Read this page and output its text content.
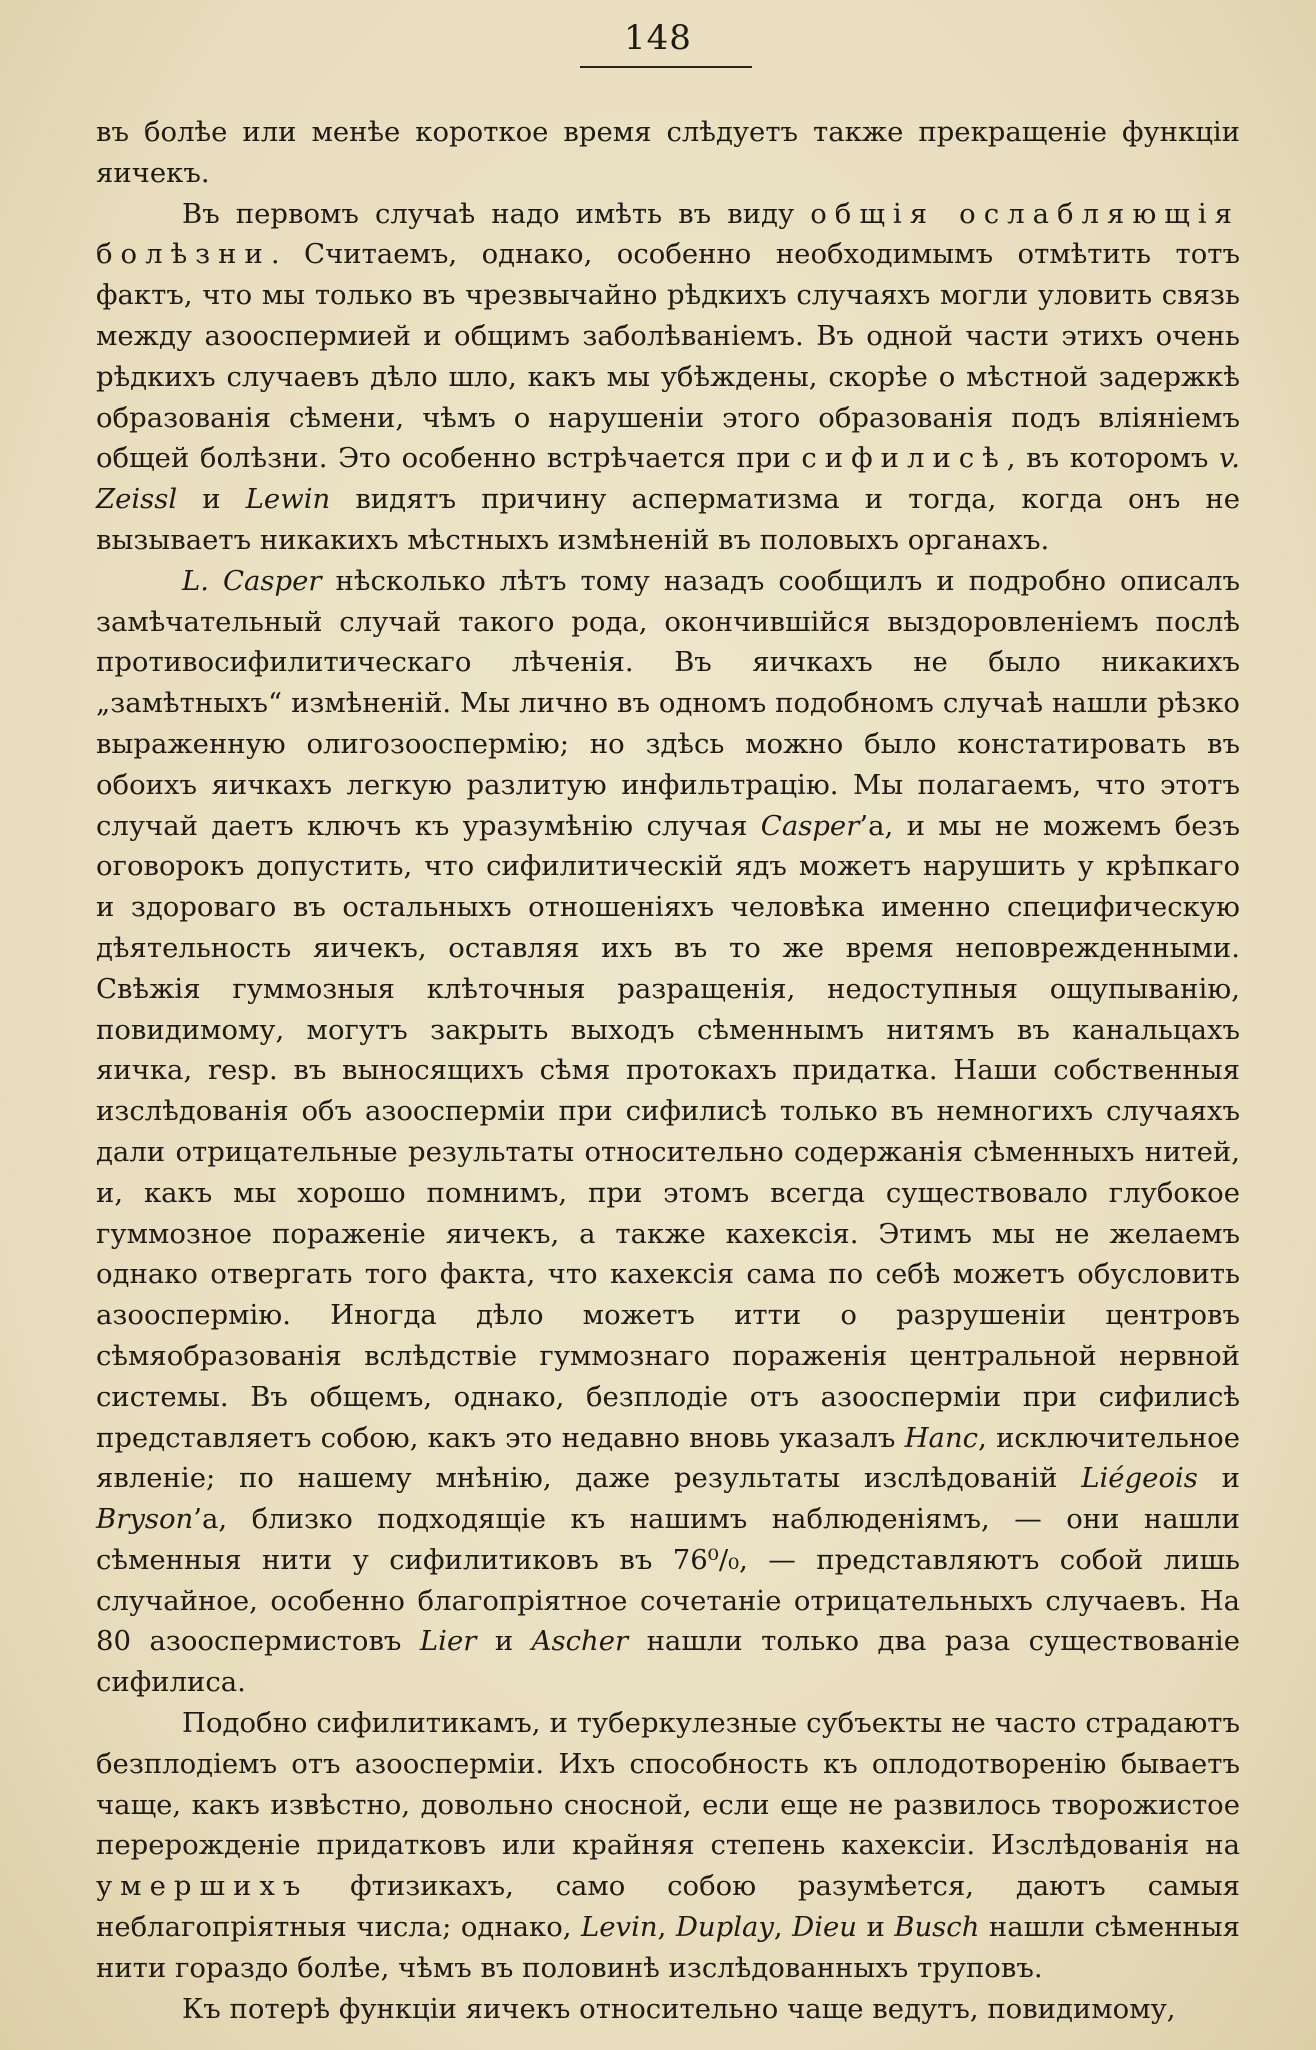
148

въ болѣе или менѣе короткое время слѣдуетъ также прекращеніе функціи яичекъ.

Въ первомъ случаѣ надо имѣть въ виду общія ослабляющія болѣзни. Считаемъ, однако, особенно необходимымъ отмѣтить тотъ фактъ, что мы только въ чрезвычайно рѣдкихъ случаяхъ могли уловить связь между азооспермией и общимъ заболѣваніемъ. Въ одной части этихъ очень рѣдкихъ случаевъ дѣло шло, какъ мы убѣждены, скорѣе о мѣстной задержкѣ образованія сѣмени, чѣмъ о нарушеніи этого образованія подъ вліяніемъ общей болѣзни. Это особенно встрѣчается при сифилисѣ, въ которомъ v. Zeissl и Lewin видятъ причину асперматизма и тогда, когда онъ не вызываетъ никакихъ мѣстныхъ измѣненій въ половыхъ органахъ.

L. Casper нѣсколько лѣтъ тому назадъ сообщилъ и подробно описалъ замѣчательный случай такого рода, окончившійся выздоровленіемъ послѣ противосифилитическаго лѣченія. Въ яичкахъ не было никакихъ „замѣтныхъ“ измѣненій. Мы лично въ одномъ подобномъ случаѣ нашли рѣзко выраженную олигозооспермію; но здѣсь можно было констатировать въ обоихъ яичкахъ легкую разлитую инфильтрацію. Мы полагаемъ, что этотъ случай даетъ ключъ къ уразумѣнію случая Casper’а, и мы не можемъ безъ оговорокъ допустить, что сифилитическій ядъ можетъ нарушить у крѣпкаго и здороваго въ остальныхъ отношеніяхъ человѣка именно специфическую дѣятельность яичекъ, оставляя ихъ въ то же время неповрежденными. Свѣжія гуммозныя клѣточныя разращенія, недоступныя ощупыванію, повидимому, могутъ закрыть выходъ сѣменнымъ нитямъ въ канальцахъ яичка, resp. въ выносящихъ сѣмя протокахъ придатка. Наши собственныя изслѣдованія объ азооспермiи при сифилисѣ только въ немногихъ случаяхъ дали отрицательные результаты относительно содержанія сѣменныхъ нитей, и, какъ мы хорошо помнимъ, при этомъ всегда существовало глубокое гуммозное пораженіе яичекъ, а также кахексія. Этимъ мы не желаемъ однако отвергать того факта, что кахексія сама по себѣ можетъ обусловить азооспермію. Иногда дѣло можетъ итти о разрушеніи центровъ сѣмяобразованія вслѣдствіе гуммознаго пораженія центральной нервной системы. Въ общемъ, однако, безплодіе отъ азооспермiи при сифилисѣ представляетъ собою, какъ это недавно вновь указалъ Hanc, исключительное явленіе; по нашему мнѣнію, даже результаты изслѣдованій Liégeois и Bryson’а, близко подходящіе къ нашимъ наблюденіямъ, — они нашли сѣменныя нити у сифилитиковъ въ 76⁰/₀, — представляютъ собой лишь случайное, особенно благопріятное сочетаніе отрицательныхъ случаевъ. На 80 азооспермистовъ Lier и Ascher нашли только два раза существованіе сифилиса.

Подобно сифилитикамъ, и туберкулезные субъекты не часто страдаютъ безплодіемъ отъ азооспермiи. Ихъ способность къ оплодотворенію бываетъ чаще, какъ извѣстно, довольно сносной, если еще не развилось творожистое перерожденіе придатковъ или крайняя степень кахексіи. Изслѣдованія на умершихъ фтизикахъ, само собою разумѣется, даютъ самыя неблагопріятныя числа; однако, Levin, Duplay, Dieu и Busch нашли сѣменныя нити гораздо болѣе, чѣмъ въ половинѣ изслѣдованныхъ труповъ.

Къ потерѣ функціи яичекъ относительно чаще ведутъ, повидимому,
